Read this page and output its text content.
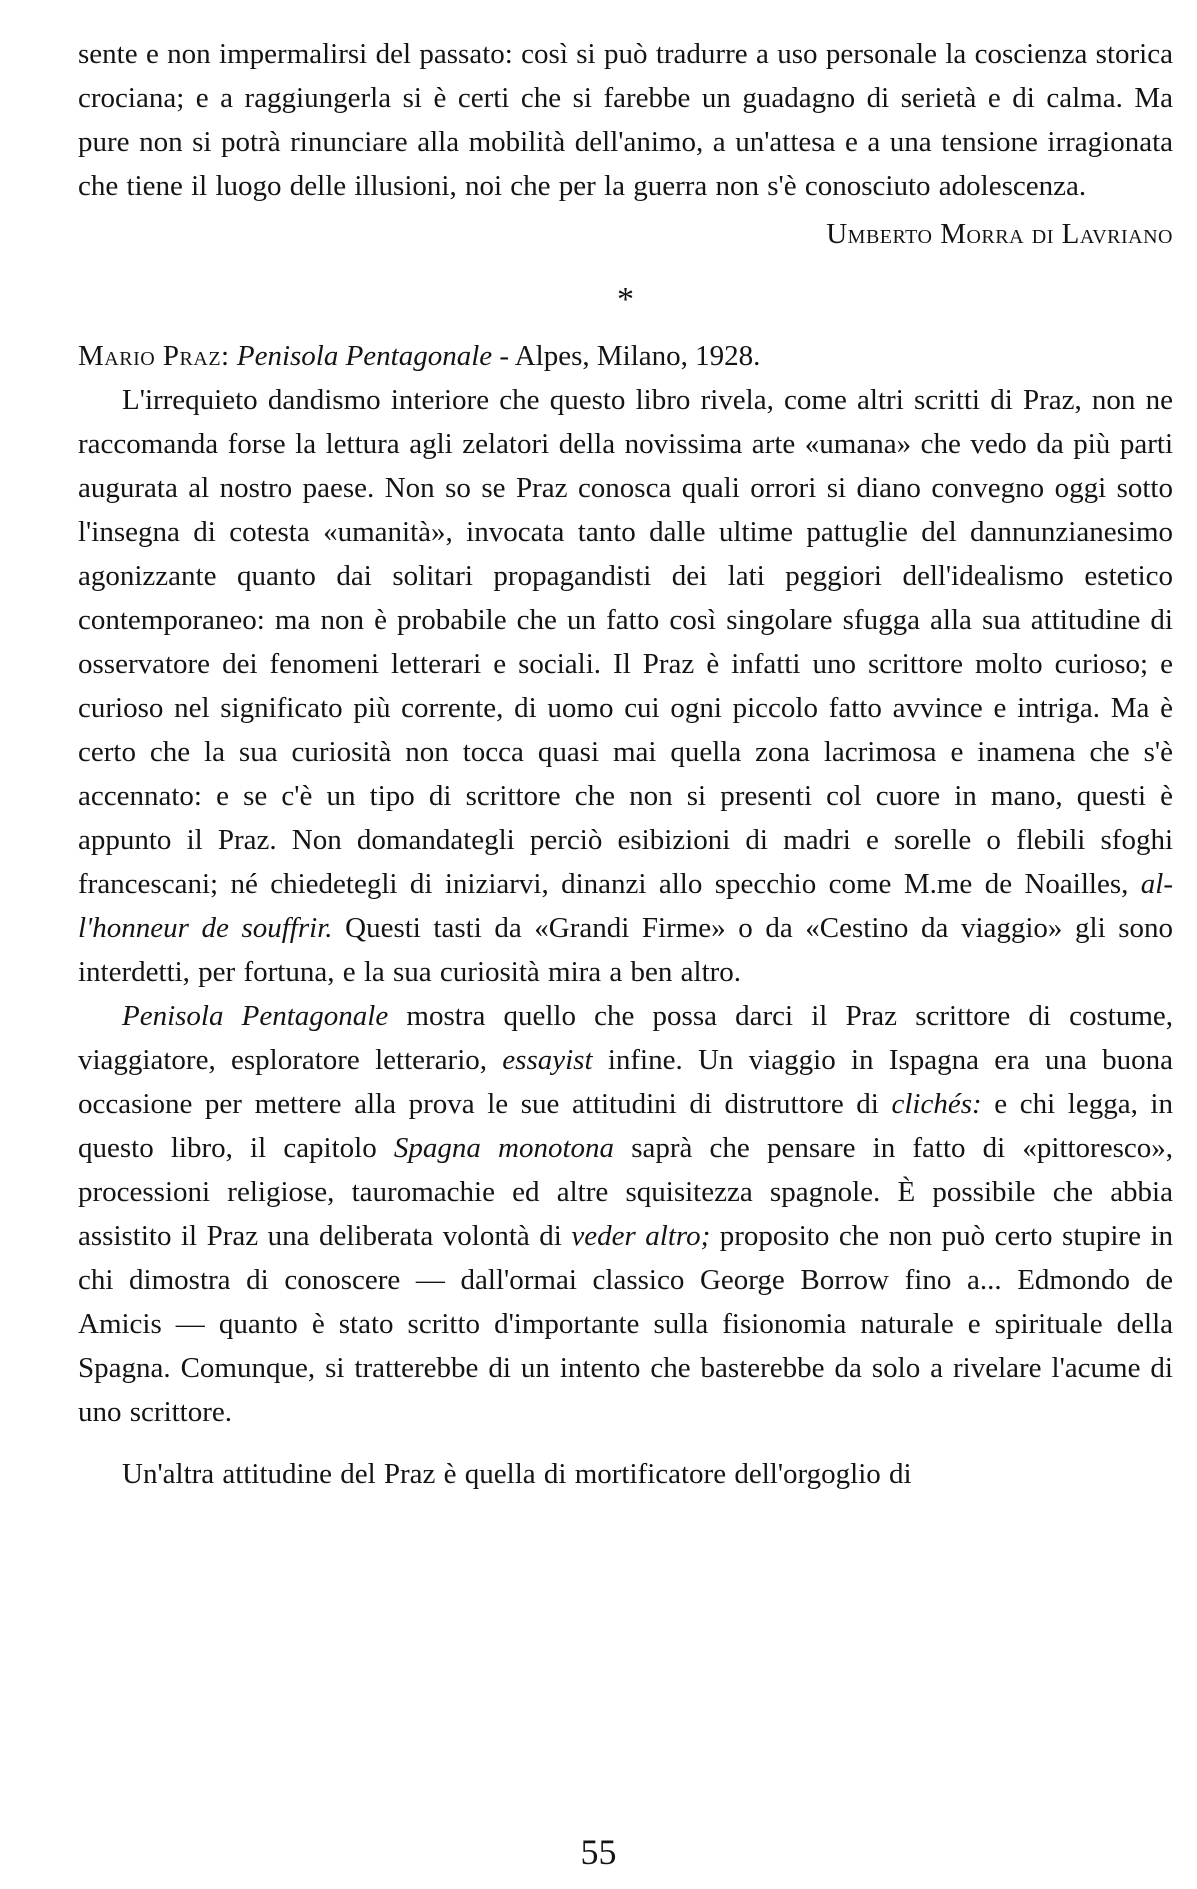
sente e non impermalirsi del passato: così si può tradurre a uso personale la coscienza storica crociana; e a raggiungerla si è certi che si farebbe un guadagno di serietà e di calma. Ma pure non si potrà rinunciare alla mobilità dell'animo, a un'attesa e a una tensione irragionata che tiene il luogo delle illusioni, noi che per la guerra non s'è conosciuto adolescenza.

Umberto Morra di Lavriano
*
Mario Praz: Penisola Pentagonale - Alpes, Milano, 1928.

L'irrequieto dandismo interiore che questo libro rivela, come altri scritti di Praz, non ne raccomanda forse la lettura agli zelatori della novissima arte «umana» che vedo da più parti augurata al nostro paese. Non so se Praz conosca quali orrori si diano convegno oggi sotto l'insegna di cotesta «umanità», invocata tanto dalle ultime pattuglie del dannunzianesimo agonizzante quanto dai solitari propagandisti dei lati peggiori dell'idealismo estetico contemporaneo: ma non è probabile che un fatto così singolare sfugga alla sua attitudine di osservatore dei fenomeni letterari e sociali. Il Praz è infatti uno scrittore molto curioso; e curioso nel significato più corrente, di uomo cui ogni piccolo fatto avvince e intriga. Ma è certo che la sua curiosità non tocca quasi mai quella zona lacrimosa e inamena che s'è accennato: e se c'è un tipo di scrittore che non si presenti col cuore in mano, questi è appunto il Praz. Non domandategli perciò esibizioni di madri e sorelle o flebili sfoghi francescani; né chiedetegli di iniziarvi, dinanzi allo specchio come M.me de Noailles, al-l'honneur de souffrir. Questi tasti da «Grandi Firme» o da «Cestino da viaggio» gli sono interdetti, per fortuna, e la sua curiosità mira a ben altro.

Penisola Pentagonale mostra quello che possa darci il Praz scrittore di costume, viaggiatore, esploratore letterario, essayist infine. Un viaggio in Ispagna era una buona occasione per mettere alla prova le sue attitudini di distruttore di clichés: e chi legga, in questo libro, il capitolo Spagna monotona saprà che pensare in fatto di «pittoresco», processioni religiose, tauromachie ed altre squisitezza spagnole. È possibile che abbia assistito il Praz una deliberata volontà di veder altro; proposito che non può certo stupire in chi dimostra di conoscere — dall'ormai classico George Borrow fino a... Edmondo de Amicis — quanto è stato scritto d'importante sulla fisionomia naturale e spirituale della Spagna. Comunque, si tratterebbe di un intento che basterebbe da solo a rivelare l'acume di uno scrittore.

Un'altra attitudine del Praz è quella di mortificatore dell'orgoglio di

55
